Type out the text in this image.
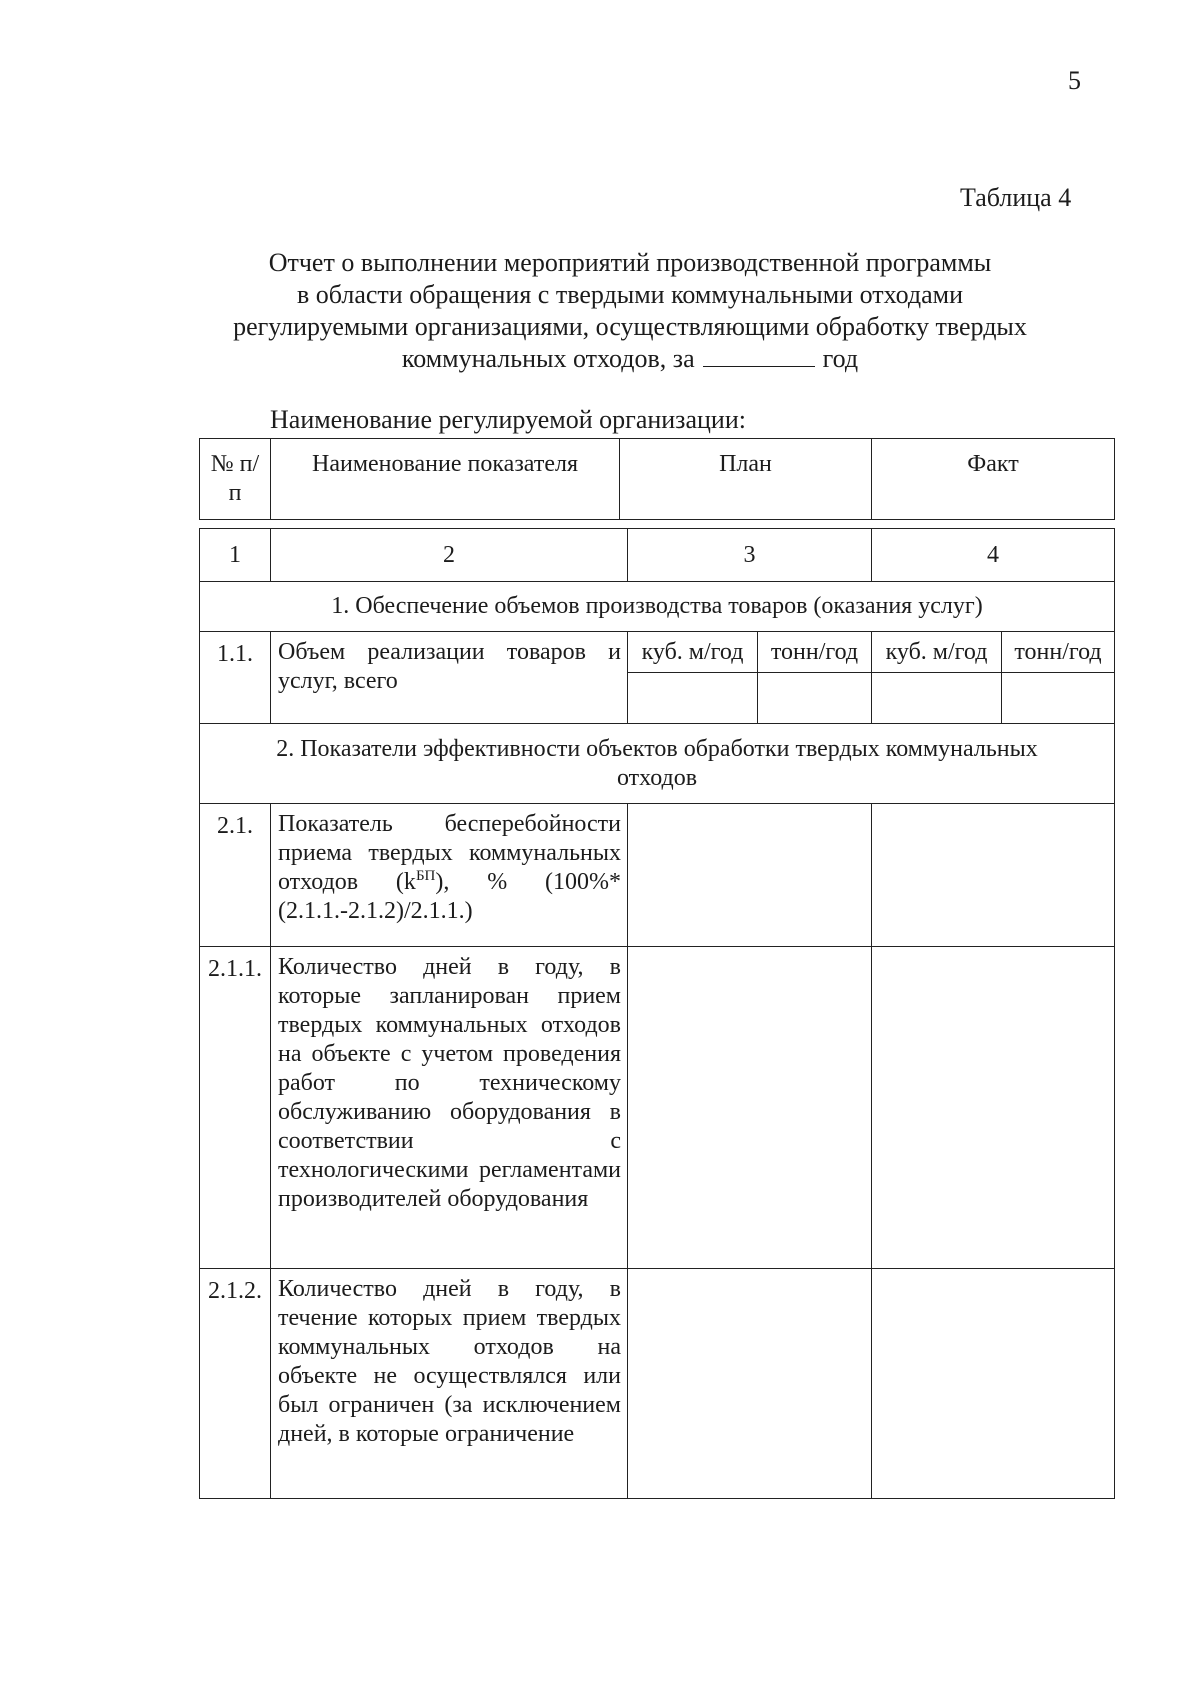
5
Таблица 4
Отчет о выполнении мероприятий производственной программы
в области обращения с твердыми коммунальными отходами
регулируемыми организациями, осуществляющими обработку твердых
коммунальных отходов, за	год
Наименование регулируемой организации:
№ п/п	Наименование показателя	План	Факт
1	2	3		4	
1. Обеспечение объемов производства товаров (оказания услуг)					
1.1.	Объем реализации товаров и услуг, всего	куб. м/год	тонн/год	куб. м/год	тонн/год

2. Показатели эффективности объектов обработки твердых коммунальных отходов					
2.1.	Показатель бесперебойности приема твердых коммунальных отходов $(k^{БП})$, % (100%*(2.1.1.-2.1.2)/2.1.1.)				
2.1.1.	Количество дней в году, в которые запланирован прием твердых коммунальных отходов на объекте с учетом проведения работ по техническому обслуживанию оборудования в соответствии с технологическими регламентами производителей оборудования				
2.1.2.	Количество дней в году, в течение которых прием твердых коммунальных отходов на объекте не осуществлялся или был ограничен (за исключением дней, в которые ограничение				
